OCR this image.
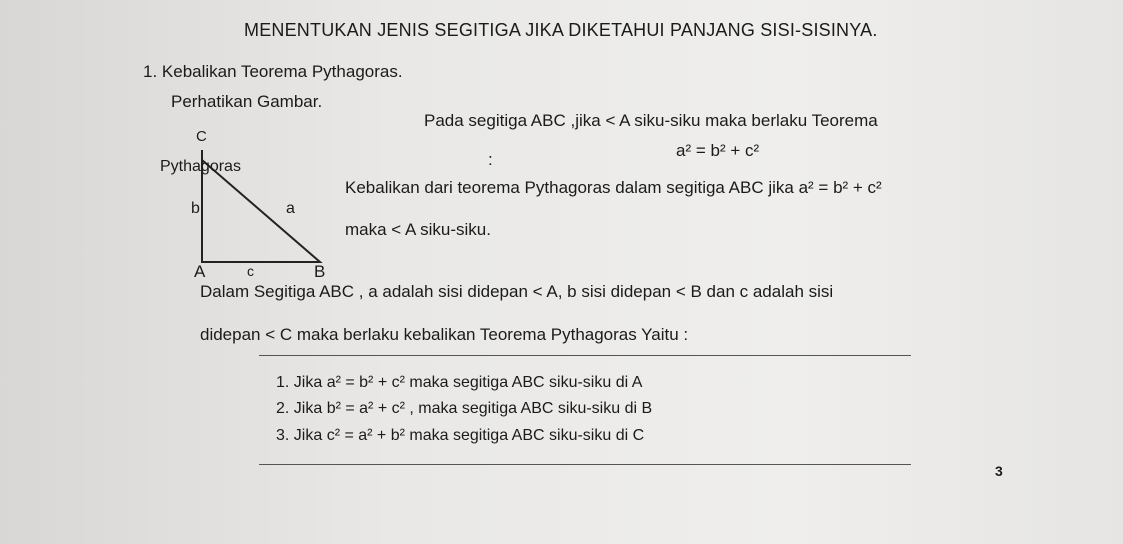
MENENTUKAN JENIS SEGITIGA JIKA DIKETAHUI PANJANG SISI-SISINYA.
1. Kebalikan Teorema Pythagoras.
Perhatikan Gambar.
C
Pythagoras
b	a
A	c	B
Pada segitiga ABC ,jika < A siku-siku maka berlaku Teorema
:	a² = b² + c²
Kebalikan dari teorema Pythagoras dalam segitiga ABC jika a² = b² + c²
maka < A siku-siku.
Dalam Segitiga ABC , a adalah sisi didepan < A, b sisi didepan < B dan c adalah sisi
didepan < C maka berlaku kebalikan Teorema Pythagoras Yaitu :
1. Jika a² = b² + c² maka segitiga ABC siku-siku di A
2. Jika b² = a² + c² , maka segitiga ABC siku-siku di B
3. Jika c² = a² + b² maka segitiga ABC siku-siku di C
3
